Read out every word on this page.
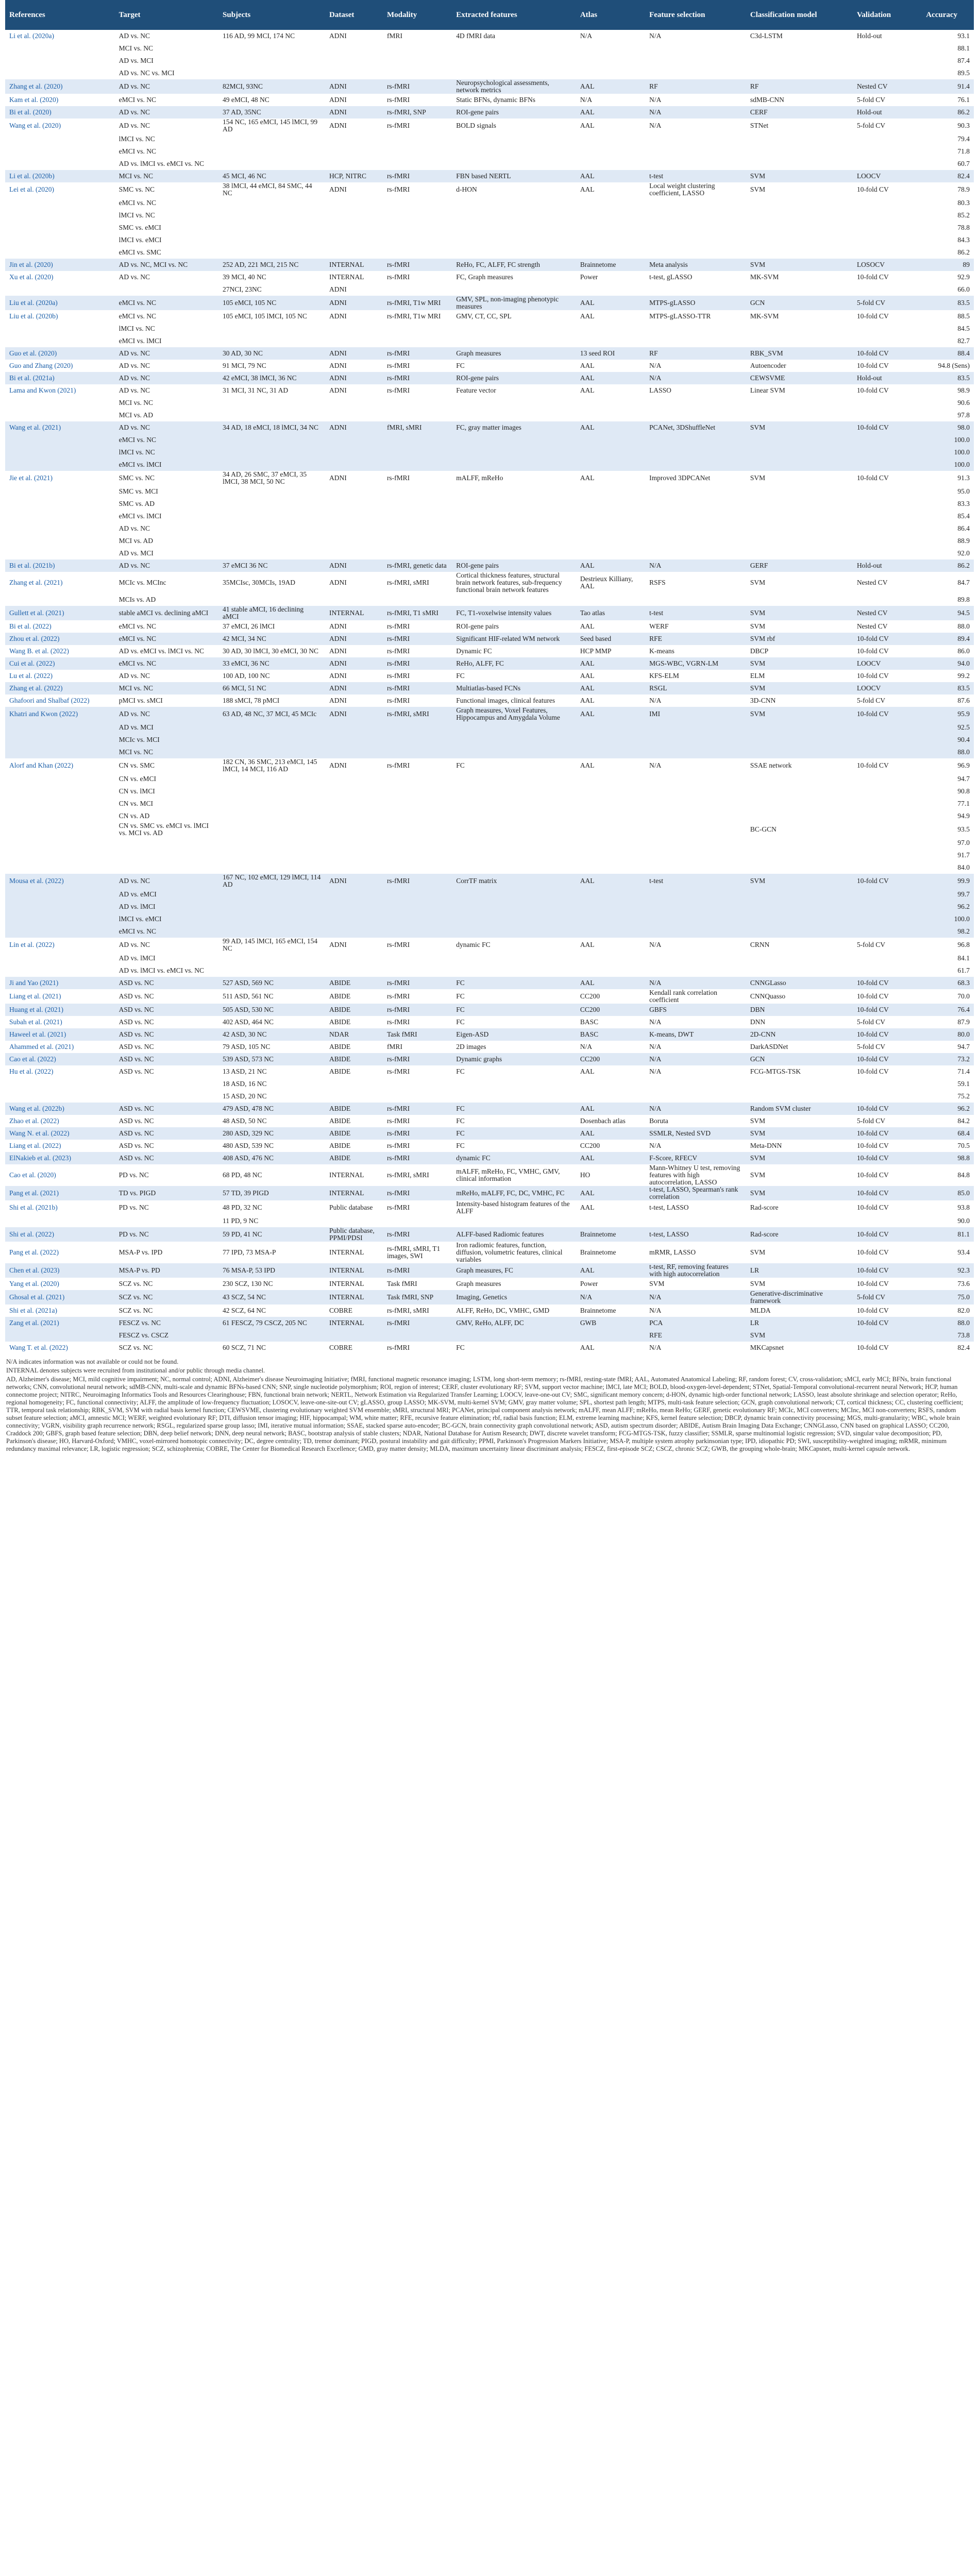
References	Target	Subjects	Dataset	Modality	Extracted features	Atlas	Feature selection	Classification model	Validation	Accuracy
Li et al. (2020a)	AD vs. NC	116 AD, 99 MCI, 174 NC	ADNI	fMRI	4D fMRI data	N/A	N/A	C3d-LSTM	Hold-out	93.1
	MCI vs. NC									88.1
	AD vs. MCI									87.4
	AD vs. NC vs. MCI									89.5
Zhang et al. (2020)	AD vs. NC	82MCI, 93NC	ADNI	rs-fMRI	Neuropsychological assessments, network metrics	AAL	RF	RF	Nested CV	91.4
Kam et al. (2020)	eMCI vs. NC	49 eMCI, 48 NC	ADNI	rs-fMRI	Static BFNs, dynamic BFNs	N/A	N/A	sdMB-CNN	5-fold CV	76.1
Bi et al. (2020)	AD vs. NC	37 AD, 35NC	ADNI	rs-fMRI, SNP	ROI-gene pairs	AAL	N/A	CERF	Hold-out	86.2
Wang et al. (2020)	AD vs. NC	154 NC, 165 eMCI, 145 lMCI, 99 AD	ADNI	rs-fMRI	BOLD signals	AAL	N/A	STNet	5-fold CV	90.3
	lMCI vs. NC									79.4
	eMCI vs. NC									71.8
	AD vs. lMCI vs. eMCI vs. NC									60.7
Li et al. (2020b)	MCI vs. NC	45 MCI, 46 NC	HCP, NITRC	rs-fMRI	FBN based NERTL	AAL	t-test	SVM	LOOCV	82.4
Lei et al. (2020)	SMC vs. NC	38 lMCI, 44 eMCI, 84 SMC, 44 NC	ADNI	rs-fMRI	d-HON	AAL	Local weight clustering coefficient, LASSO	SVM	10-fold CV	78.9
	eMCI vs. NC									80.3
	lMCI vs. NC									85.2
	SMC vs. eMCI									78.8
	lMCI vs. eMCI									84.3
	eMCI vs. SMC									86.2
Jin et al. (2020)	AD vs. NC, MCI vs. NC	252 AD, 221 MCI, 215 NC	INTERNAL	rs-fMRI	ReHo, FC, ALFF, FC strength	Brainnetome	Meta analysis	SVM	LOSOCV	89
Xu et al. (2020)	AD vs. NC	39 MCI, 40 NC	INTERNAL	rs-fMRI	FC, Graph measures	Power	t-test, gLASSO	MK-SVM	10-fold CV	92.9
		27NCI, 23NC	ADNI							66.0
Liu et al. (2020a)	eMCI vs. NC	105 eMCI, 105 NC	ADNI	rs-fMRI, T1w MRI	GMV, SPL, non-imaging phenotypic measures	AAL	MTPS-gLASSO	GCN	5-fold CV	83.5
Liu et al. (2020b)	eMCI vs. NC	105 eMCI, 105 lMCI, 105 NC	ADNI	rs-fMRI, T1w MRI	GMV, CT, CC, SPL	AAL	MTPS-gLASSO-TTR	MK-SVM	10-fold CV	88.5
	lMCI vs. NC									84.5
	eMCI vs. lMCI									82.7
Guo et al. (2020)	AD vs. NC	30 AD, 30 NC	ADNI	rs-fMRI	Graph measures	13 seed ROI	RF	RBK_SVM	10-fold CV	88.4
Guo and Zhang (2020)	AD vs. NC	91 MCI, 79 NC	ADNI	rs-fMRI	FC	AAL	N/A	Autoencoder	10-fold CV	94.8 (Sens)
Bi et al. (2021a)	AD vs. NC	42 eMCI, 38 lMCI, 36 NC	ADNI	rs-fMRI	ROI-gene pairs	AAL	N/A	CEWSVME	Hold-out	83.5
Lama and Kwon (2021)	AD vs. NC	31 MCI, 31 NC, 31 AD	ADNI	rs-fMRI	Feature vector	AAL	LASSO	Linear SVM	10-fold CV	98.9
	MCI vs. NC									90.6
	MCI vs. AD									97.8
Wang et al. (2021)	AD vs. NC	34 AD, 18 eMCI, 18 lMCI, 34 NC	ADNI	fMRI, sMRI	FC, gray matter images	AAL	PCANet, 3DShuffleNet	SVM	10-fold CV	98.0
	eMCI vs. NC									100.0
	lMCI vs. NC									100.0
	eMCI vs. lMCI									100.0
Jie et al. (2021)	SMC vs. NC	34 AD, 26 SMC, 37 eMCI, 35 lMCI, 38 MCI, 50 NC	ADNI	rs-fMRI	mALFF, mReHo	AAL	Improved 3DPCANet	SVM	10-fold CV	91.3
	SMC vs. MCI									95.0
	SMC vs. AD									83.3
	eMCI vs. lMCI									85.4
	AD vs. NC									86.4
	MCI vs. AD									88.9
	AD vs. MCI									92.0
Bi et al. (2021b)	AD vs. NC	37 eMCI 36 NC	ADNI	rs-fMRI, genetic data	ROI-gene pairs	AAL	N/A	GERF	Hold-out	86.2
Zhang et al. (2021)	MCIc vs. MCInc	35MCIsc, 30MCIs, 19AD	ADNI	rs-fMRI, sMRI	Cortical thickness features, structural brain network features, sub-frequency functional brain network features	Destrieux Killiany, AAL	RSFS	SVM	Nested CV	84.7
	MCIs vs. AD									89.8
Gullett et al. (2021)	stable aMCI vs. declining aMCI	41 stable aMCI, 16 declining aMCI	INTERNAL	rs-fMRI, T1 sMRI	FC, T1-voxelwise intensity values	Tao atlas	t-test	SVM	Nested CV	94.5
Bi et al. (2022)	eMCI vs. NC	37 eMCI, 26 lMCI	ADNI	rs-fMRI	ROI-gene pairs	AAL	WERF	SVM	Nested CV	88.0
Zhou et al. (2022)	eMCI vs. NC	42 MCI, 34 NC	ADNI	rs-fMRI	Significant HIF-related WM network	Seed based	RFE	SVM rbf	10-fold CV	89.4
Wang B. et al. (2022)	AD vs. eMCI vs. lMCI vs. NC	30 AD, 30 lMCI, 30 eMCI, 30 NC	ADNI	rs-fMRI	Dynamic FC	HCP MMP	K-means	DBCP	10-fold CV	86.0
Cui et al. (2022)	eMCI vs. NC	33 eMCI, 36 NC	ADNI	rs-fMRI	ReHo, ALFF, FC	AAL	MGS-WBC, VGRN-LM	SVM	LOOCV	94.0
Lu et al. (2022)	AD vs. NC	100 AD, 100 NC	ADNI	rs-fMRI	FC	AAL	KFS-ELM	ELM	10-fold CV	99.2
Zhang et al. (2022)	MCI vs. NC	66 MCI, 51 NC	ADNI	rs-fMRI	Multiatlas-based FCNs	AAL	RSGL	SVM	LOOCV	83.5
Ghafoori and Shalbaf (2022)	pMCI vs. sMCI	188 sMCI, 78 pMCI	ADNI	rs-fMRI	Functional images, clinical features	AAL	N/A	3D-CNN	5-fold CV	87.6
Khatri and Kwon (2022)	AD vs. NC	63 AD, 48 NC, 37 MCI, 45 MCIc	ADNI	rs-fMRI, sMRI	Graph measures, Voxel Features, Hippocampus and Amygdala Volume	AAL	IMI	SVM	10-fold CV	95.9
	AD vs. MCI									92.5
	MCIc vs. MCI									90.4
	MCI vs. NC									88.0
Alorf and Khan (2022)	CN vs. SMC	182 CN, 36 SMC, 213 eMCI, 145 lMCI, 14 MCI, 116 AD	ADNI	rs-fMRI	FC	AAL	N/A	SSAE network	10-fold CV	96.9
	CN vs. eMCI									94.7
	CN vs. lMCI									90.8
	CN vs. MCI									77.1
	CN vs. AD									94.9
	CN vs. SMC vs. eMCI vs. lMCI vs. MCI vs. AD							BC-GCN		93.5
										97.0
										91.7
										84.0
Mousa et al. (2022)	AD vs. NC	167 NC, 102 eMCI, 129 lMCI, 114 AD	ADNI	rs-fMRI	CorrTF matrix	AAL	t-test	SVM	10-fold CV	99.9
	AD vs. eMCI									99.7
	AD vs. lMCI									96.2
	lMCI vs. eMCI									100.0
	eMCI vs. NC									98.2
Lin et al. (2022)	AD vs. NC	99 AD, 145 lMCI, 165 eMCI, 154 NC	ADNI	rs-fMRI	dynamic FC	AAL	N/A	CRNN	5-fold CV	96.8
	AD vs. lMCI									84.1
	AD vs. lMCI vs. eMCI vs. NC									61.7
Ji and Yao (2021)	ASD vs. NC	527 ASD, 569 NC	ABIDE	rs-fMRI	FC	AAL	N/A	CNNGLasso	10-fold CV	68.3
Liang et al. (2021)	ASD vs. NC	511 ASD, 561 NC	ABIDE	rs-fMRI	FC	CC200	Kendall rank correlation coefficient	CNNQuasso	10-fold CV	70.0
Huang et al. (2021)	ASD vs. NC	505 ASD, 530 NC	ABIDE	rs-fMRI	FC	CC200	GBFS	DBN	10-fold CV	76.4
Subah et al. (2021)	ASD vs. NC	402 ASD, 464 NC	ABIDE	rs-fMRI	FC	BASC	N/A	DNN	5-fold CV	87.9
Haweel et al. (2021)	ASD vs. NC	42 ASD, 30 NC	NDAR	Task fMRI	Eigen-ASD	BASC	K-means, DWT	2D-CNN	10-fold CV	80.0
Ahammed et al. (2021)	ASD vs. NC	79 ASD, 105 NC	ABIDE	fMRI	2D images	N/A	N/A	DarkASDNet	5-fold CV	94.7
Cao et al. (2022)	ASD vs. NC	539 ASD, 573 NC	ABIDE	rs-fMRI	Dynamic graphs	CC200	N/A	GCN	10-fold CV	73.2
Hu et al. (2022)	ASD vs. NC	13 ASD, 21 NC	ABIDE	rs-fMRI	FC	AAL	N/A	FCG-MTGS-TSK	10-fold CV	71.4
		18 ASD, 16 NC								59.1
		15 ASD, 20 NC								75.2
Wang et al. (2022b)	ASD vs. NC	479 ASD, 478 NC	ABIDE	rs-fMRI	FC	AAL	N/A	Random SVM cluster	10-fold CV	96.2
Zhao et al. (2022)	ASD vs. NC	48 ASD, 50 NC	ABIDE	rs-fMRI	FC	Dosenbach atlas	Boruta	SVM	5-fold CV	84.2
Wang N. et al. (2022)	ASD vs. NC	280 ASD, 329 NC	ABIDE	rs-fMRI	FC	AAL	SSMLR, Nested SVD	SVM	10-fold CV	68.4
Liang et al. (2022)	ASD vs. NC	480 ASD, 539 NC	ABIDE	rs-fMRI	FC	CC200	N/A	Meta-DNN	10-fold CV	70.5
ElNakieb et al. (2023)	ASD vs. NC	408 ASD, 476 NC	ABIDE	rs-fMRI	dynamic FC	AAL	F-Score, RFECV	SVM	10-fold CV	98.8
Cao et al. (2020)	PD vs. NC	68 PD, 48 NC	INTERNAL	rs-fMRI, sMRI	mALFF, mReHo, FC, VMHC, GMV, clinical information	HO	Mann-Whitney U test, removing features with high autocorrelation, LASSO	SVM	10-fold CV	84.8
Pang et al. (2021)	TD vs. PIGD	57 TD, 39 PIGD	INTERNAL	rs-fMRI	mReHo, mALFF, FC, DC, VMHC, FC	AAL	t-test, LASSO, Spearman's rank correlation	SVM	10-fold CV	85.0
Shi et al. (2021b)	PD vs. NC	48 PD, 32 NC	Public database	rs-fMRI	Intensity-based histogram features of the ALFF	AAL	t-test, LASSO	Rad-score	10-fold CV	93.8
		11 PD, 9 NC								90.0
Shi et al. (2022)	PD vs. NC	59 PD, 41 NC	Public database, PPMI/PDSI	rs-fMRI	ALFF-based Radiomic features	Brainnetome	t-test, LASSO	Rad-score	10-fold CV	81.1
Pang et al. (2022)	MSA-P vs. IPD	77 IPD, 73 MSA-P	INTERNAL	rs-fMRI, sMRI, T1 images, SWI	Iron radiomic features, function, diffusion, volumetric features, clinical variables	Brainnetome	mRMR, LASSO	SVM	10-fold CV	93.4
Chen et al. (2023)	MSA-P vs. PD	76 MSA-P, 53 IPD	INTERNAL	rs-fMRI	Graph measures, FC	AAL	t-test, RF, removing features with high autocorrelation	LR	10-fold CV	92.3
Yang et al. (2020)	SCZ vs. NC	230 SCZ, 130 NC	INTERNAL	Task fMRI	Graph measures	Power	SVM	SVM	10-fold CV	73.6
Ghosal et al. (2021)	SCZ vs. NC	43 SCZ, 54 NC	INTERNAL	Task fMRI, SNP	Imaging, Genetics	N/A	N/A	Generative-discriminative framework	5-fold CV	75.0
Shi et al. (2021a)	SCZ vs. NC	42 SCZ, 64 NC	COBRE	rs-fMRI, sMRI	ALFF, ReHo, DC, VMHC, GMD	Brainnetome	N/A	MLDA	10-fold CV	82.0
Zang et al. (2021)	FESCZ vs. NC	61 FESCZ, 79 CSCZ, 205 NC	INTERNAL	rs-fMRI	GMV, ReHo, ALFF, DC	GWB	PCA	LR	10-fold CV	88.0
	FESCZ vs. CSCZ						RFE	SVM		73.8
Wang T. et al. (2022)	SCZ vs. NC	60 SCZ, 71 NC	COBRE	rs-fMRI	FC	AAL	N/A	MKCapsnet	10-fold CV	82.4

N/A indicates information was not available or could not be found.

INTERNAL denotes subjects were recruited from institutional and/or public through media channel.

AD, Alzheimer's disease; MCI, mild cognitive impairment; NC, normal control; ADNI, Alzheimer's disease Neuroimaging Initiative; fMRI, functional magnetic resonance imaging; LSTM, long short-term memory; rs-fMRI, resting-state fMRI; AAL, Automated Anatomical Labeling; RF, random forest; CV, cross-validation; sMCI, early MCI; BFNs, brain functional networks; CNN, convolutional neural network; sdMB-CNN, multi-scale and dynamic BFNs-based CNN; SNP, single nucleotide polymorphism; ROI, region of interest; CERF, cluster evolutionary RF; SVM, support vector machine; lMCI, late MCI; BOLD, blood-oxygen-level-dependent; STNet, Spatial-Temporal convolutional-recurrent neural Network; HCP, human connectome project; NITRC, Neuroimaging Informatics Tools and Resources Clearinghouse; FBN, functional brain network; NERTL, Network Estimation via Regularized Transfer Learning; LOOCV, leave-one-out CV; SMC, significant memory concern; d-HON, dynamic high-order functional network; LASSO, least absolute shrinkage and selection operator; ReHo, regional homogeneity; FC, functional connectivity; ALFF, the amplitude of low-frequency fluctuation; LOSOCV, leave-one-site-out CV; gLASSO, group LASSO; MK-SVM, multi-kernel SVM; GMV, gray matter volume; SPL, shortest path length; MTPS, multi-task feature selection; GCN, graph convolutional network; CT, cortical thickness; CC, clustering coefficient; TTR, temporal task relationship; RBK_SVM, SVM with radial basis kernel function; CEWSVME, clustering evolutionary weighted SVM ensemble; sMRI, structural MRI; PCANet, principal component analysis network; mALFF, mean ALFF; mReHo, mean ReHo; GERF, genetic evolutionary RF; MCIc, MCI converters; MCInc, MCI non-converters; RSFS, random subset feature selection; aMCI, amnestic MCI; WERF, weighted evolutionary RF; DTI, diffusion tensor imaging; HIF, hippocampal; WM, white matter; RFE, recursive feature elimination; rbf, radial basis function; ELM, extreme learning machine; KFS, kernel feature selection; DBCP, dynamic brain connectivity processing; MGS, multi-granularity; WBC, whole brain connectivity; VGRN, visibility graph recurrence network; RSGL, regularized sparse group lasso; IMI, iterative mutual information; SSAE, stacked sparse auto-encoder; BC-GCN, brain connectivity graph convolutional network; ASD, autism spectrum disorder; ABIDE, Autism Brain Imaging Data Exchange; CNNGLasso, CNN based on graphical LASSO; CC200, Craddock 200; GBFS, graph based feature selection; DBN, deep belief network; DNN, deep neural network; BASC, bootstrap analysis of stable clusters; NDAR, National Database for Autism Research; DWT, discrete wavelet transform; FCG-MTGS-TSK, fuzzy classifier; SSMLR, sparse multinomial logistic regression; SVD, singular value decomposition; PD, Parkinson's disease; HO, Harvard-Oxford; VMHC, voxel-mirrored homotopic connectivity; DC, degree centrality; TD, tremor dominant; PIGD, postural instability and gait difficulty; PPMI, Parkinson's Progression Markers Initiative; MSA-P, multiple system atrophy parkinsonian type; IPD, idiopathic PD; SWI, susceptibility-weighted imaging; mRMR, minimum redundancy maximal relevance; LR, logistic regression; SCZ, schizophrenia; COBRE, The Center for Biomedical Research Excellence; GMD, gray matter density; MLDA, maximum uncertainty linear discriminant analysis; FESCZ, first-episode SCZ; CSCZ, chronic SCZ; GWB, the grouping whole-brain; MKCapsnet, multi-kernel capsule network.
